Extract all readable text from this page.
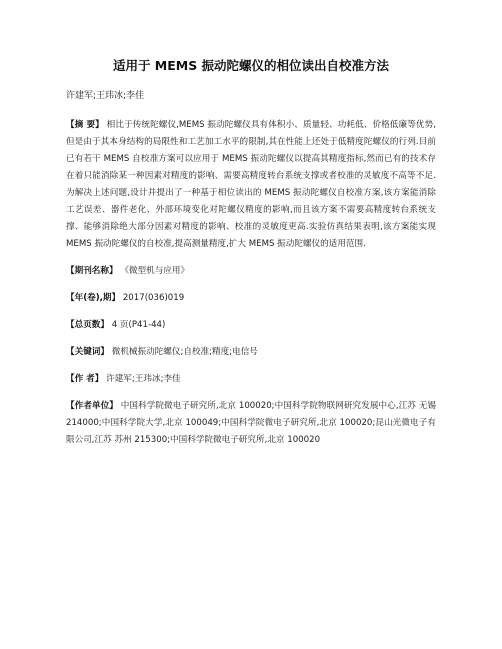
适用于 MEMS 振动陀螺仪的相位读出自校准方法
许建军;王玮冰;李佳
【摘 要】 相比于传统陀螺仪,MEMS 振动陀螺仪具有体积小、质量轻、功耗低、价格低廉等优势,但是由于其本身结构的局限性和工艺加工水平的限制,其在性能上还处于低精度陀螺仪的行列.目前已有若干 MEMS 自校准方案可以应用于 MEMS 振动陀螺仪以提高其精度指标,然而已有的技术存在着只能消除某一种因素对精度的影响、需要高精度转台系统支撑或者校准的灵敏度不高等不足.为解决上述问题,设计并提出了一种基于相位读出的 MEMS 振动陀螺仪自校准方案,该方案能消除工艺误差、器件老化、外部环境变化对陀螺仪精度的影响,而且该方案不需要高精度转台系统支撑、能够消除绝大部分因素对精度的影响、校准的灵敏度更高.实验仿真结果表明,该方案能实现 MEMS 振动陀螺仪的自校准,提高测量精度,扩大 MEMS 振动陀螺仪的适用范围.
【期刊名称】 《微型机与应用》
【年(卷),期】 2017(036)019
【总页数】 4 页(P41-44)
【关键词】 微机械振动陀螺仪;自校准;精度;电信号
【作 者】 许建军;王玮冰;李佳
【作者单位】 中国科学院微电子研究所,北京 100020;中国科学院物联网研究发展中心,江苏 无锡 214000;中国科学院大学,北京 100049;中国科学院微电子研究所,北京 100020;昆山光微电子有限公司,江苏 苏州 215300;中国科学院微电子研究所,北京 100020
